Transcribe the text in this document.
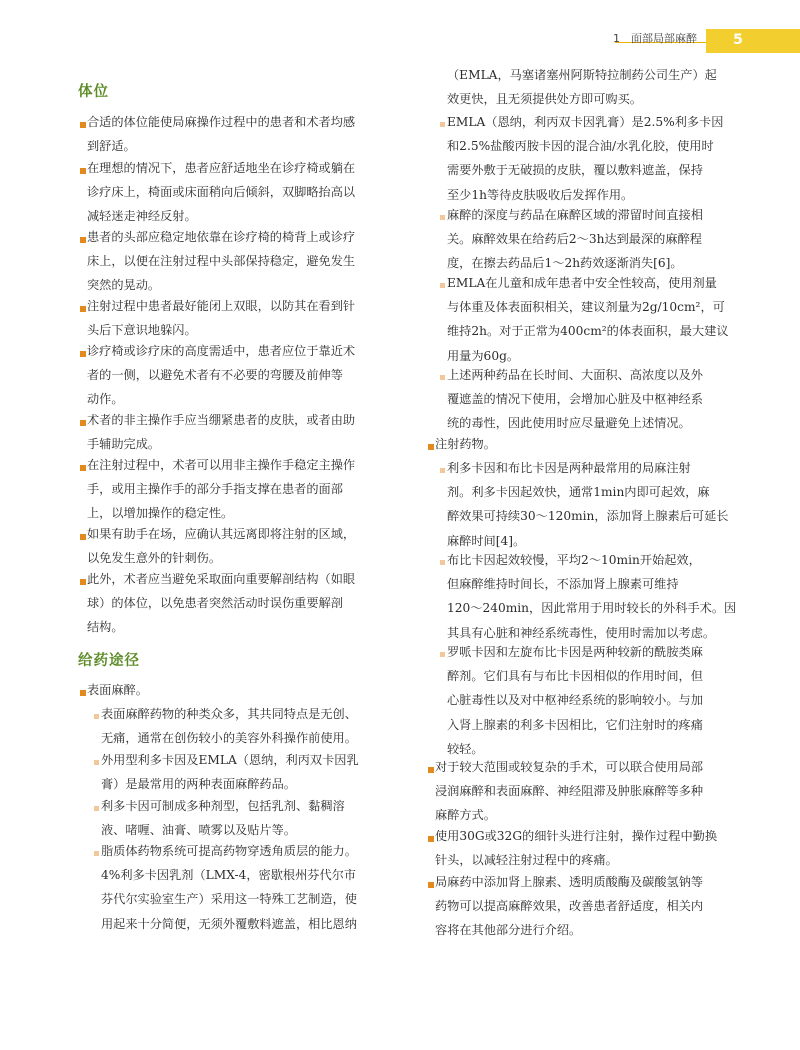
1　面部局部麻醉	5
体位
合适的体位能使局麻操作过程中的患者和术者均感
到舒适。
在理想的情况下，患者应舒适地坐在诊疗椅或躺在
诊疗床上，椅面或床面稍向后倾斜，双脚略抬高以
减轻迷走神经反射。
患者的头部应稳定地依靠在诊疗椅的椅背上或诊疗
床上，以便在注射过程中头部保持稳定，避免发生
突然的晃动。
注射过程中患者最好能闭上双眼，以防其在看到针
头后下意识地躲闪。
诊疗椅或诊疗床的高度需适中，患者应位于靠近术
者的一侧，以避免术者有不必要的弯腰及前伸等
动作。
术者的非主操作手应当绷紧患者的皮肤，或者由助
手辅助完成。
在注射过程中，术者可以用非主操作手稳定主操作
手，或用主操作手的部分手指支撑在患者的面部
上，以增加操作的稳定性。
如果有助手在场，应确认其远离即将注射的区域，
以免发生意外的针刺伤。
此外，术者应当避免采取面向重要解剖结构（如眼
球）的体位，以免患者突然活动时误伤重要解剖
结构。
给药途径
表面麻醉。
表面麻醉药物的种类众多，其共同特点是无创、
无痛，通常在创伤较小的美容外科操作前使用。
外用型利多卡因及EMLA（恩纳，利丙双卡因乳
膏）是最常用的两种表面麻醉药品。
利多卡因可制成多种剂型，包括乳剂、黏稠溶
液、啫喱、油膏、喷雾以及贴片等。
脂质体药物系统可提高药物穿透角质层的能力。
4%利多卡因乳剂（LMX-4，密歇根州芬代尔市
芬代尔实验室生产）采用这一特殊工艺制造，使
用起来十分简便，无须外覆敷料遮盖，相比恩纳
（EMLA，马塞诸塞州阿斯特拉制药公司生产）起
效更快，且无须提供处方即可购买。
EMLA（恩纳，利丙双卡因乳膏）是2.5%利多卡因
和2.5%盐酸丙胺卡因的混合油/水乳化胶，使用时
需要外敷于无破损的皮肤，覆以敷料遮盖，保持
至少1h等待皮肤吸收后发挥作用。
麻醉的深度与药品在麻醉区域的滞留时间直接相
关。麻醉效果在给药后2～3h达到最深的麻醉程
度，在擦去药品后1～2h药效逐渐消失[6]。
EMLA在儿童和成年患者中安全性较高，使用剂量
与体重及体表面积相关，建议剂量为2g/10cm²，可
维持2h。对于正常为400cm²的体表面积，最大建议
用量为60g。
上述两种药品在长时间、大面积、高浓度以及外
覆遮盖的情况下使用，会增加心脏及中枢神经系
统的毒性，因此使用时应尽量避免上述情况。
注射药物。
利多卡因和布比卡因是两种最常用的局麻注射
剂。利多卡因起效快，通常1min内即可起效，麻
醉效果可持续30～120min，添加肾上腺素后可延长
麻醉时间[4]。
布比卡因起效较慢，平均2～10min开始起效，
但麻醉维持时间长，不添加肾上腺素可维持
120～240min，因此常用于用时较长的外科手术。因
其具有心脏和神经系统毒性，使用时需加以考虑。
罗哌卡因和左旋布比卡因是两种较新的酰胺类麻
醉剂。它们具有与布比卡因相似的作用时间，但
心脏毒性以及对中枢神经系统的影响较小。与加
入肾上腺素的利多卡因相比，它们注射时的疼痛
较轻。
对于较大范围或较复杂的手术，可以联合使用局部
浸润麻醉和表面麻醉、神经阻滞及肿胀麻醉等多种
麻醉方式。
使用30G或32G的细针头进行注射，操作过程中勤换
针头，以减轻注射过程中的疼痛。
局麻药中添加肾上腺素、透明质酸酶及碳酸氢钠等
药物可以提高麻醉效果，改善患者舒适度，相关内
容将在其他部分进行介绍。
